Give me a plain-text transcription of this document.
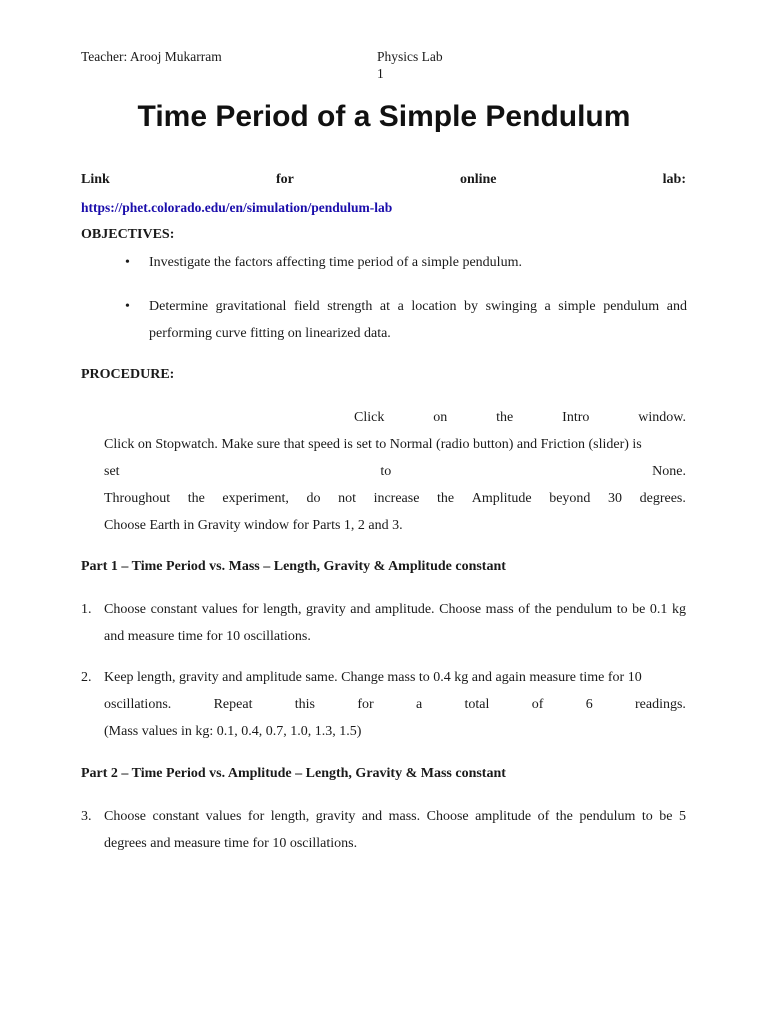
Teacher: Arooj Mukarram	Physics Lab
1
Time Period of a Simple Pendulum
Link	for	online	lab:
https://phet.colorado.edu/en/simulation/pendulum-lab
OBJECTIVES:
•	Investigate the factors affecting time period of a simple pendulum.
•	Determine gravitational field strength at a location by swinging a simple pendulum and performing curve fitting on linearized data.
PROCEDURE:
Click	on	the	Intro	window.
Click on Stopwatch. Make sure that speed is set to Normal (radio button) and Friction (slider) is
set	to	None.
Throughout the experiment, do not increase the Amplitude beyond 30 degrees.
Choose Earth in Gravity window for Parts 1, 2 and 3.
Part 1 – Time Period vs. Mass – Length, Gravity & Amplitude constant
1. Choose constant values for length, gravity and amplitude. Choose mass of the pendulum to be 0.1 kg and measure time for 10 oscillations.
2. Keep length, gravity and amplitude same. Change mass to 0.4 kg and again measure time for 10
oscillations.	Repeat	this	for	a	total	of	6	readings.
(Mass values in kg: 0.1, 0.4, 0.7, 1.0, 1.3, 1.5)
Part 2 – Time Period vs. Amplitude – Length, Gravity & Mass constant
3. Choose constant values for length, gravity and mass. Choose amplitude of the pendulum to be 5 degrees and measure time for 10 oscillations.
